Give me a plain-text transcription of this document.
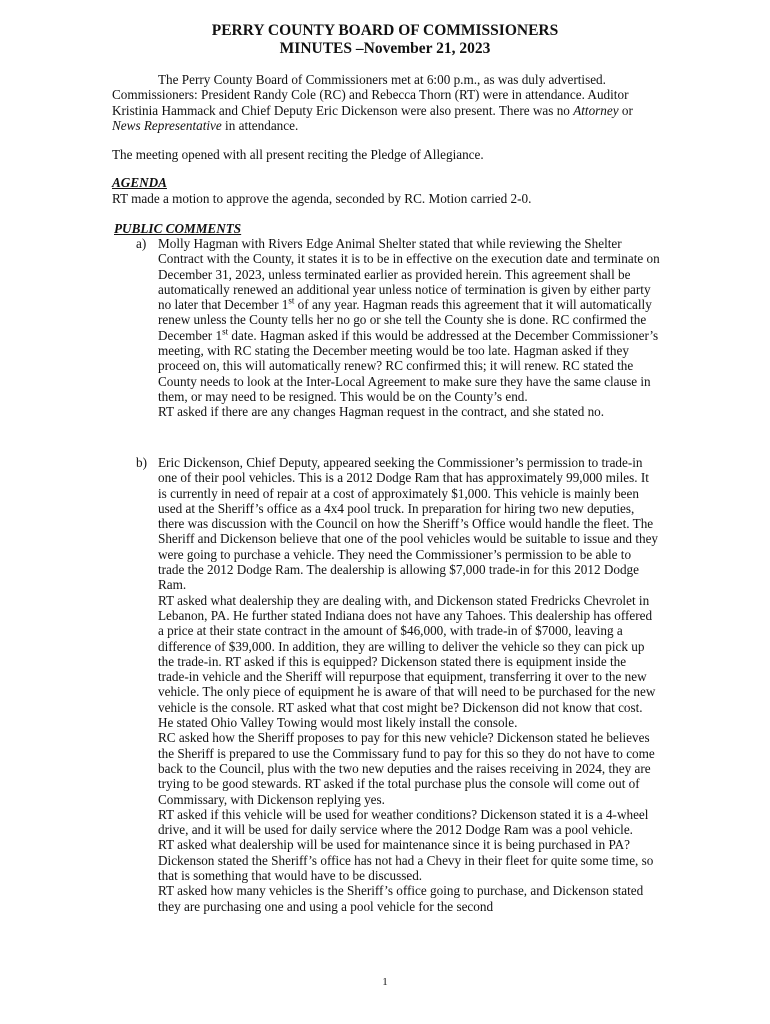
PERRY COUNTY BOARD OF COMMISSIONERS
MINUTES –November 21, 2023

The Perry County Board of Commissioners met at 6:00 p.m., as was duly advertised. Commissioners: President Randy Cole (RC) and Rebecca Thorn (RT) were in attendance. Auditor Kristinia Hammack and Chief Deputy Eric Dickenson were also present. There was no Attorney or News Representative in attendance.

The meeting opened with all present reciting the Pledge of Allegiance.

AGENDA

RT made a motion to approve the agenda, seconded by RC. Motion carried 2-0.

PUBLIC COMMENTS
a) Molly Hagman with Rivers Edge Animal Shelter stated that while reviewing the Shelter Contract with the County, it states it is to be in effective on the execution date and terminate on December 31, 2023, unless terminated earlier as provided herein. This agreement shall be automatically renewed an additional year unless notice of termination is given by either party no later that December 1st of any year. Hagman reads this agreement that it will automatically renew unless the County tells her no go or she tell the County she is done. RC confirmed the December 1st date. Hagman asked if this would be addressed at the December Commissioner’s meeting, with RC stating the December meeting would be too late. Hagman asked if they proceed on, this will automatically renew? RC confirmed this; it will renew. RC stated the County needs to look at the Inter-Local Agreement to make sure they have the same clause in them, or may need to be resigned. This would be on the County’s end.

RT asked if there are any changes Hagman request in the contract, and she stated no.

b) Eric Dickenson, Chief Deputy, appeared seeking the Commissioner’s permission to trade-in one of their pool vehicles. This is a 2012 Dodge Ram that has approximately 99,000 miles. It is currently in need of repair at a cost of approximately $1,000. This vehicle is mainly been used at the Sheriff’s office as a 4x4 pool truck. In preparation for hiring two new deputies, there was discussion with the Council on how the Sheriff’s Office would handle the fleet. The Sheriff and Dickenson believe that one of the pool vehicles would be suitable to issue and they were going to purchase a vehicle. They need the Commissioner’s permission to be able to trade the 2012 Dodge Ram. The dealership is allowing $7,000 trade-in for this 2012 Dodge Ram.

RT asked what dealership they are dealing with, and Dickenson stated Fredricks Chevrolet in Lebanon, PA. He further stated Indiana does not have any Tahoes. This dealership has offered a price at their state contract in the amount of $46,000, with trade-in of $7000, leaving a difference of $39,000. In addition, they are willing to deliver the vehicle so they can pick up the trade-in. RT asked if this is equipped? Dickenson stated there is equipment inside the trade-in vehicle and the Sheriff will repurpose that equipment, transferring it over to the new vehicle. The only piece of equipment he is aware of that will need to be purchased for the new vehicle is the console. RT asked what that cost might be? Dickenson did not know that cost. He stated Ohio Valley Towing would most likely install the console.

RC asked how the Sheriff proposes to pay for this new vehicle? Dickenson stated he believes the Sheriff is prepared to use the Commissary fund to pay for this so they do not have to come back to the Council, plus with the two new deputies and the raises receiving in 2024, they are trying to be good stewards. RT asked if the total purchase plus the console will come out of Commissary, with Dickenson replying yes.

RT asked if this vehicle will be used for weather conditions? Dickenson stated it is a 4-wheel drive, and it will be used for daily service where the 2012 Dodge Ram was a pool vehicle.

RT asked what dealership will be used for maintenance since it is being purchased in PA? Dickenson stated the Sheriff’s office has not had a Chevy in their fleet for quite some time, so that is something that would have to be discussed.

RT asked how many vehicles is the Sheriff’s office going to purchase, and Dickenson stated they are purchasing one and using a pool vehicle for the second

1
